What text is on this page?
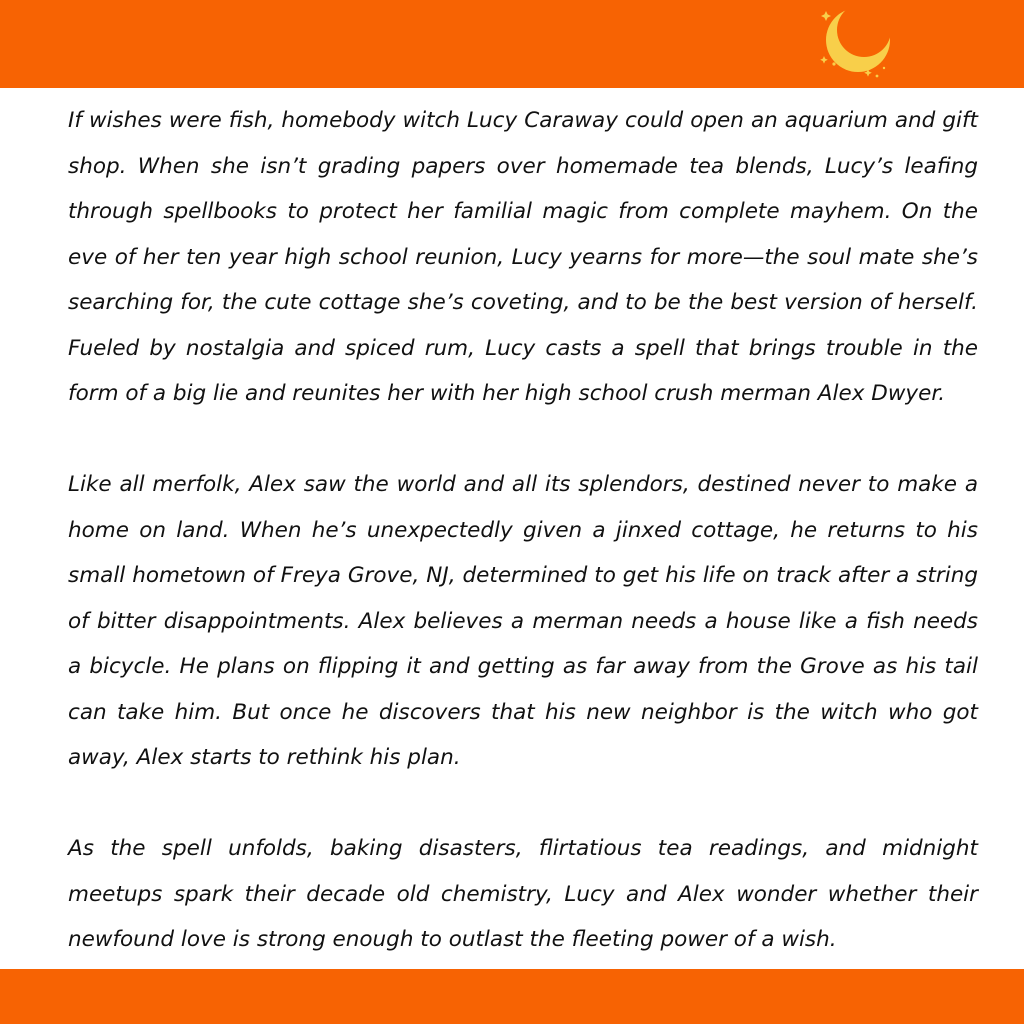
If wishes were fish, homebody witch Lucy Caraway could open an aquarium and gift shop. When she isn’t grading papers over homemade tea blends, Lucy’s leafing through spellbooks to protect her familial magic from complete mayhem. On the eve of her ten year high school reunion, Lucy yearns for more—the soul mate she’s searching for, the cute cottage she’s coveting, and to be the best version of herself. Fueled by nostalgia and spiced rum, Lucy casts a spell that brings trouble in the form of a big lie and reunites her with her high school crush merman Alex Dwyer.

Like all merfolk, Alex saw the world and all its splendors, destined never to make a home on land. When he’s unexpectedly given a jinxed cottage, he returns to his small hometown of Freya Grove, NJ, determined to get his life on track after a string of bitter disappointments. Alex believes a merman needs a house like a fish needs a bicycle. He plans on flipping it and getting as far away from the Grove as his tail can take him. But once he discovers that his new neighbor is the witch who got away, Alex starts to rethink his plan.

As the spell unfolds, baking disasters, flirtatious tea readings, and midnight meetups spark their decade old chemistry, Lucy and Alex wonder whether their newfound love is strong enough to outlast the fleeting power of a wish.
